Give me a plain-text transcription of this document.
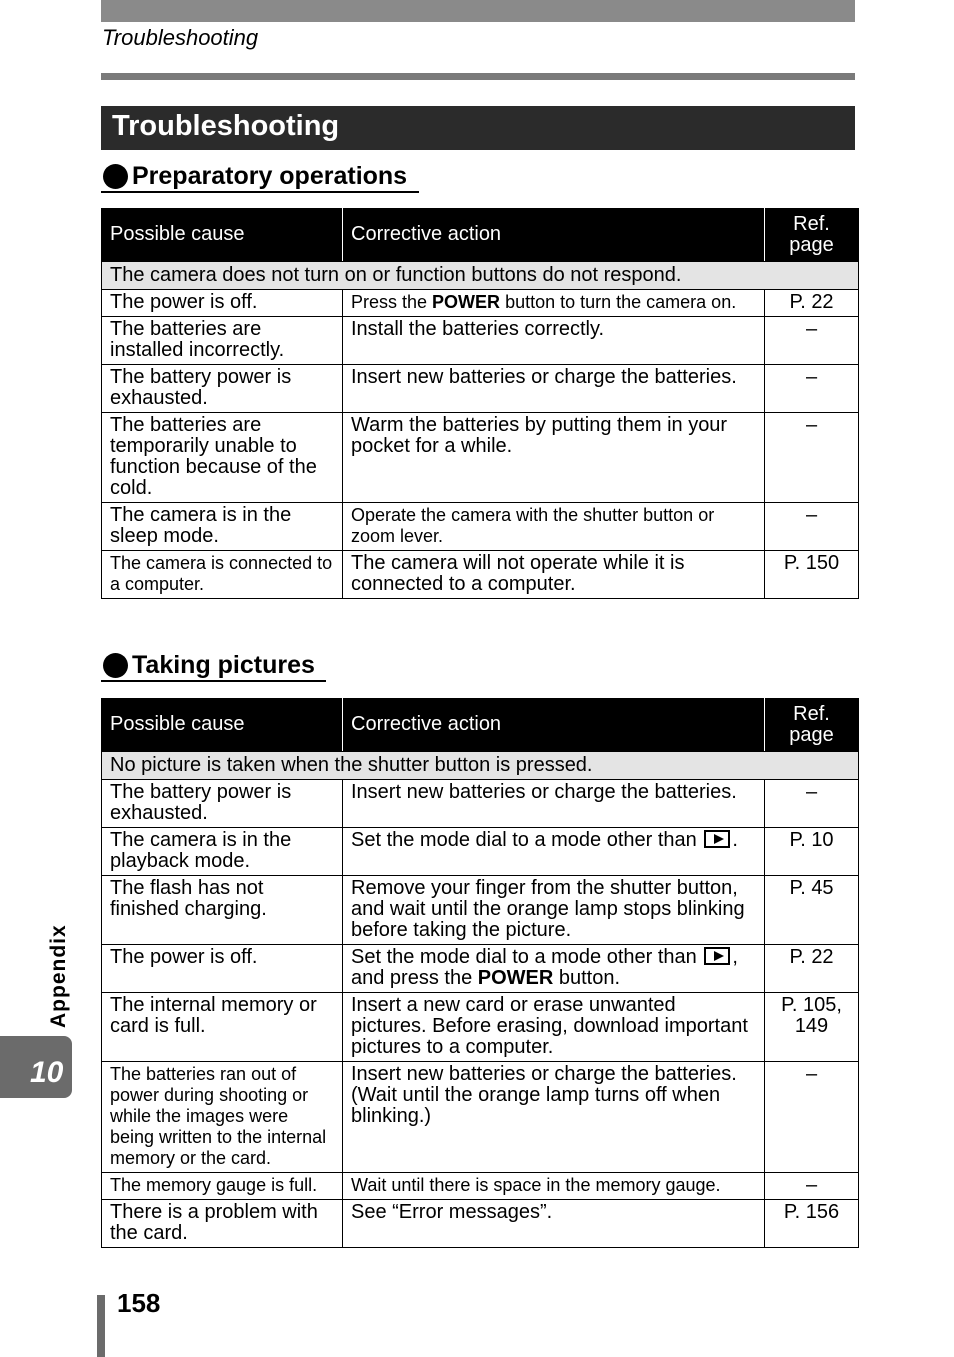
Troubleshooting
Troubleshooting
Preparatory operations
Possible cause	Corrective action	Ref. page
The camera does not turn on or function buttons do not respond.		
The power is off.	Press the POWER button to turn the camera on.	P. 22
The batteries are installed incorrectly.	Install the batteries correctly.	–
The battery power is exhausted.	Insert new batteries or charge the batteries.	–
The batteries are temporarily unable to function because of the cold.	Warm the batteries by putting them in your pocket for a while.	–
The camera is in the sleep mode.	Operate the camera with the shutter button or zoom lever.	–
The camera is connected to a computer.	The camera will not operate while it is connected to a computer.	P. 150
Taking pictures
Possible cause	Corrective action	Ref. page
No picture is taken when the shutter button is pressed.		
The battery power is exhausted.	Insert new batteries or charge the batteries.	–
The camera is in the playback mode.	Set the mode dial to a mode other than .	P. 10
The flash has not finished charging.	Remove your finger from the shutter button, and wait until the orange lamp stops blinking before taking the picture.	P. 45
The power is off.	Set the mode dial to a mode other than , and press the POWER button.	P. 22
The internal memory or card is full.	Insert a new card or erase unwanted pictures. Before erasing, download important pictures to a computer.	P. 105, 149
The batteries ran out of power during shooting or while the images were being written to the internal memory or the card.	Insert new batteries or charge the batteries. (Wait until the orange lamp turns off when blinking.)	–
The memory gauge is full.	Wait until there is space in the memory gauge.	–
There is a problem with the card.	See “Error messages”.	P. 156
Appendix
10
158
